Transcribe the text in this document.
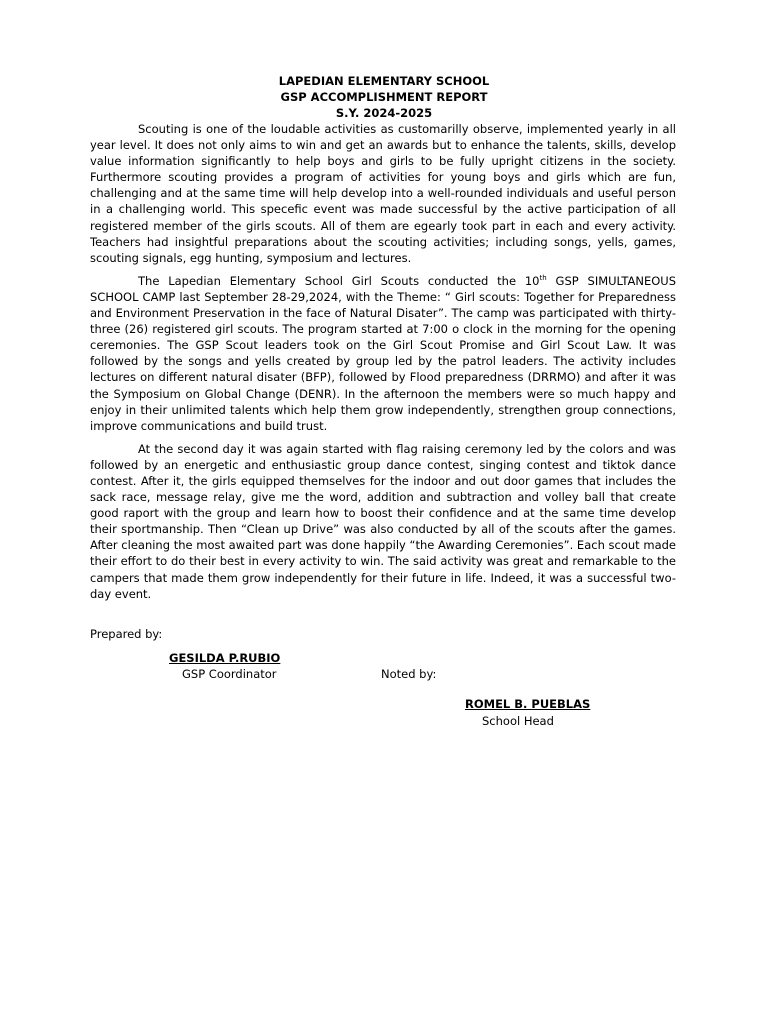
LAPEDIAN ELEMENTARY SCHOOL
GSP ACCOMPLISHMENT REPORT
S.Y. 2024-2025

Scouting is one of the loudable activities as customarilly observe, implemented yearly in all year level. It does not only aims to win and get an awards but to enhance the talents, skills, develop value information significantly to help boys and girls to be fully upright citizens in the society. Furthermore scouting provides a program of activities for young boys and girls which are fun, challenging and at the same time will help develop into a well-rounded individuals and useful person in a challenging world. This specefic event was made successful by the active participation of all registered member of the girls scouts. All of them are egearly took part in each and every activity. Teachers had insightful preparations about the scouting activities; including songs, yells, games, scouting signals, egg hunting, symposium and lectures.

The Lapedian Elementary School Girl Scouts conducted the 10th GSP SIMULTANEOUS SCHOOL CAMP last September 28-29,2024, with the Theme: “ Girl scouts: Together for Preparedness and Environment Preservation in the face of Natural Disater”. The camp was participated with thirty-three (26) registered girl scouts. The program started at 7:00 o clock in the morning for the opening ceremonies. The GSP Scout leaders took on the Girl Scout Promise and Girl Scout Law. It was followed by the songs and yells created by group led by the patrol leaders. The activity includes lectures on different natural disater (BFP), followed by Flood preparedness (DRRMO) and after it was the Symposium on Global Change (DENR). In the afternoon the members were so much happy and enjoy in their unlimited talents which help them grow independently, strengthen group connections, improve communications and build trust.

At the second day it was again started with flag raising ceremony led by the colors and was followed by an energetic and enthusiastic group dance contest, singing contest and tiktok dance contest. After it, the girls equipped themselves for the indoor and out door games that includes the sack race, message relay, give me the word, addition and subtraction and volley ball that create good raport with the group and learn how to boost their confidence and at the same time develop their sportmanship. Then “Clean up Drive” was also conducted by all of the scouts after the games. After cleaning the most awaited part was done happily “the Awarding Ceremonies”. Each scout made their effort to do their best in every activity to win. The said activity was great and remarkable to the campers that made them grow independently for their future in life. Indeed, it was a successful two-day event.

Prepared by:
GESILDA P.RUBIO
GSP Coordinator	Noted by:
ROMEL B. PUEBLAS
School Head
